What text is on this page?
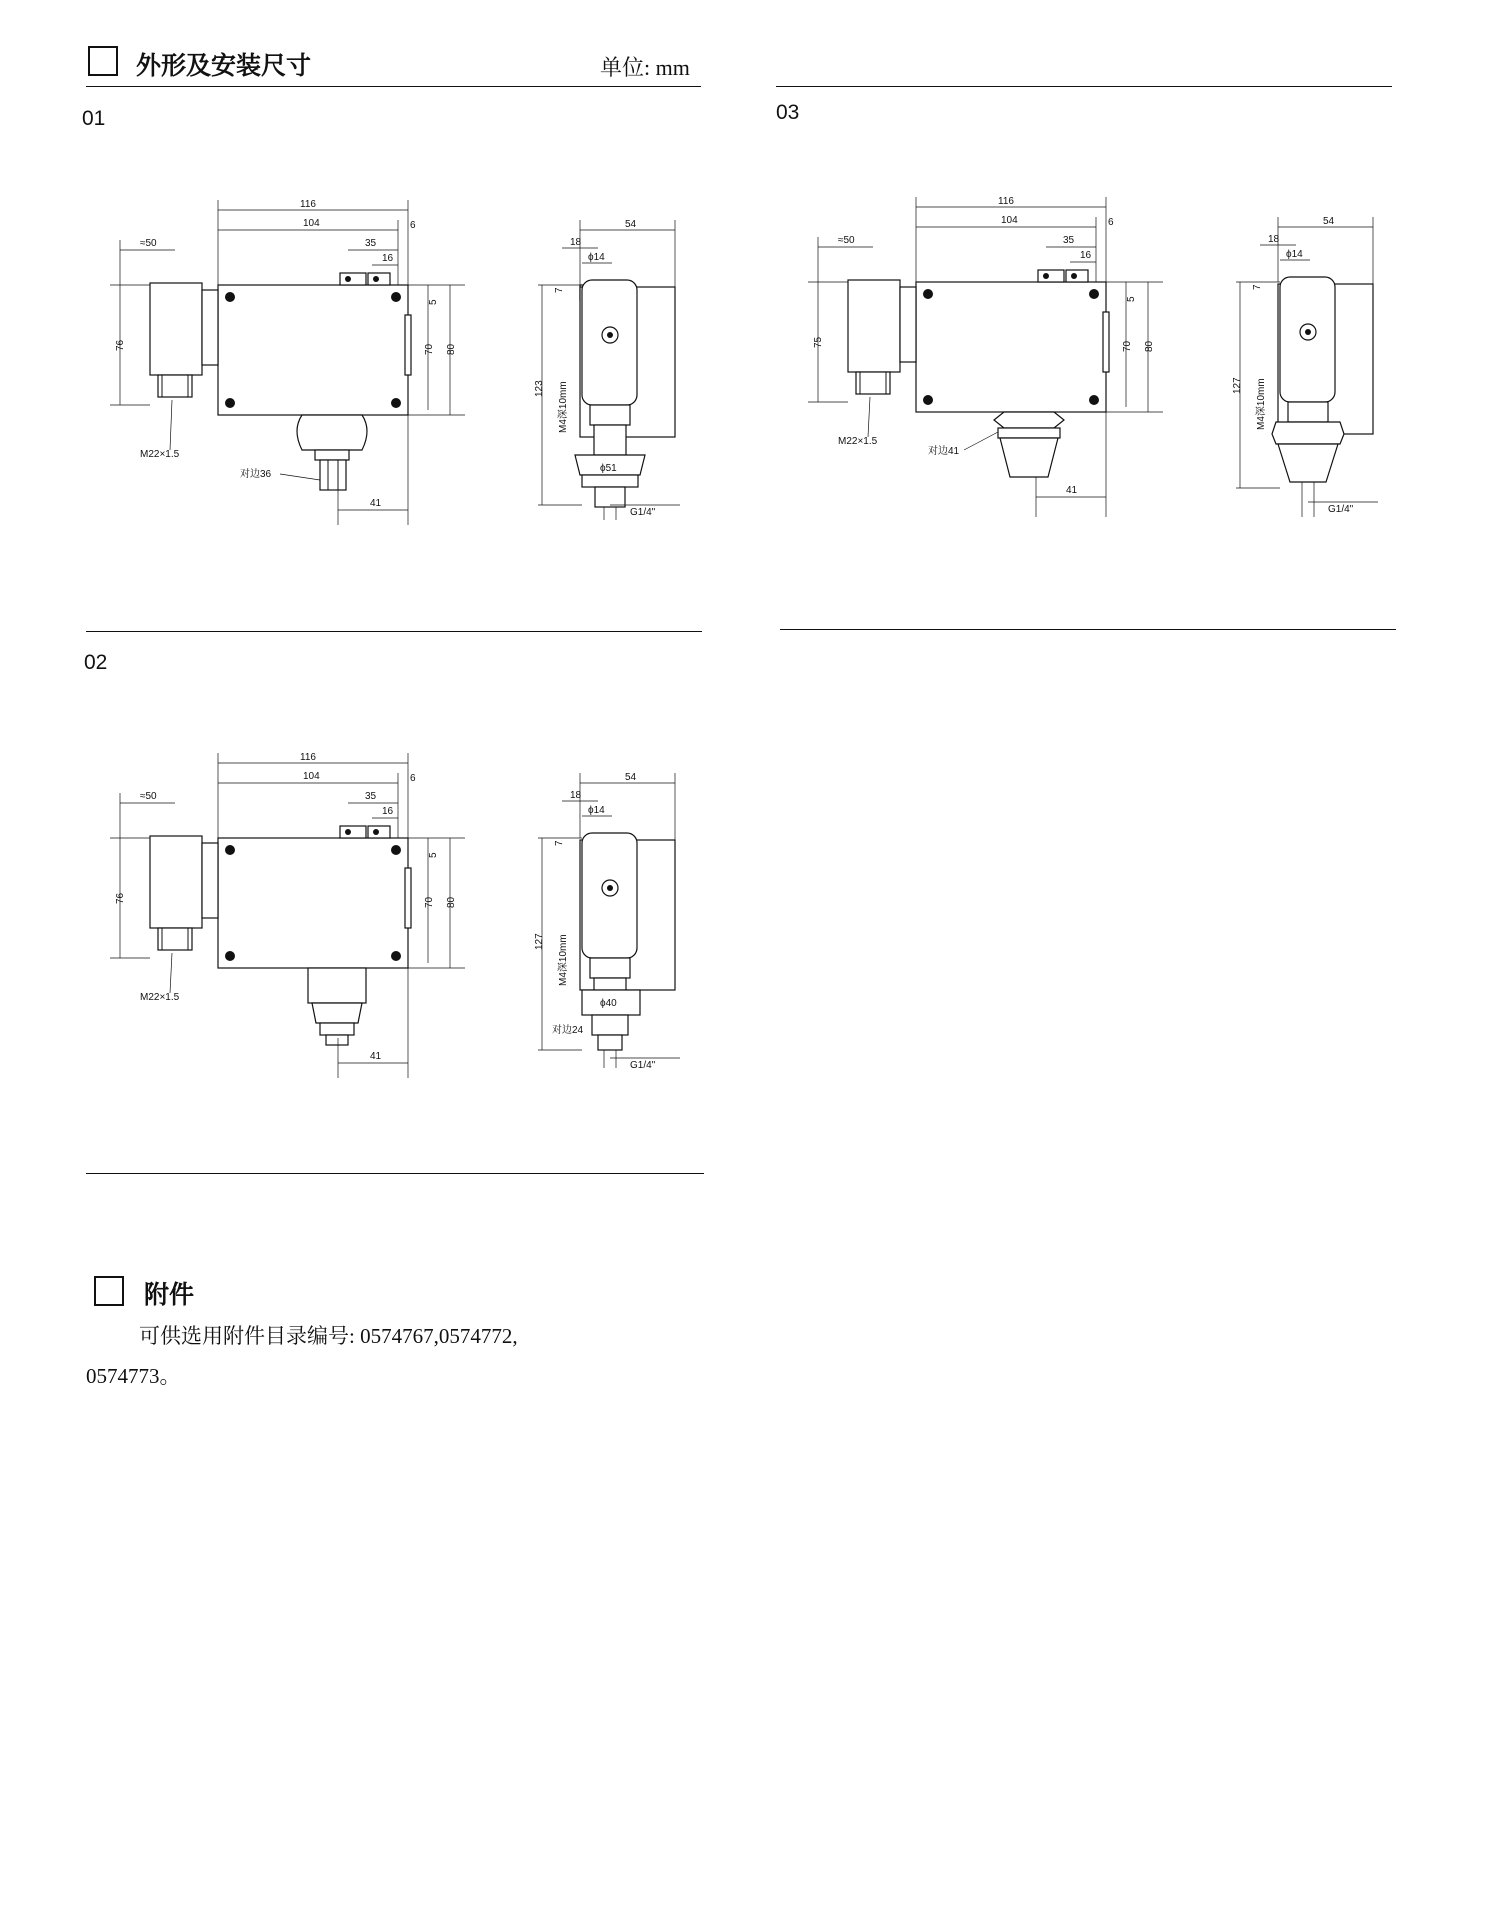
外形及安装尺寸	单位: mm
01	03
02
116
104	6
≈50	35
16
76
5
70 80
M22×1.5
对边36
41
54
18
ϕ14
123
7
M4深10mm
ϕ51
G1/4"
116
104	6
≈50	35
16
76
5
70 80
M22×1.5
41
54
18
ϕ14
127
7
M4深10mm
ϕ40
对边24
G1/4"
116
104	6
≈50	35
16
75
5
70 80
M22×1.5
对边41
41
54
18
ϕ14
127
7
M4深10mm
G1/4"
附件
可供选用附件目录编号: 0574767,0574772,
0574773。
